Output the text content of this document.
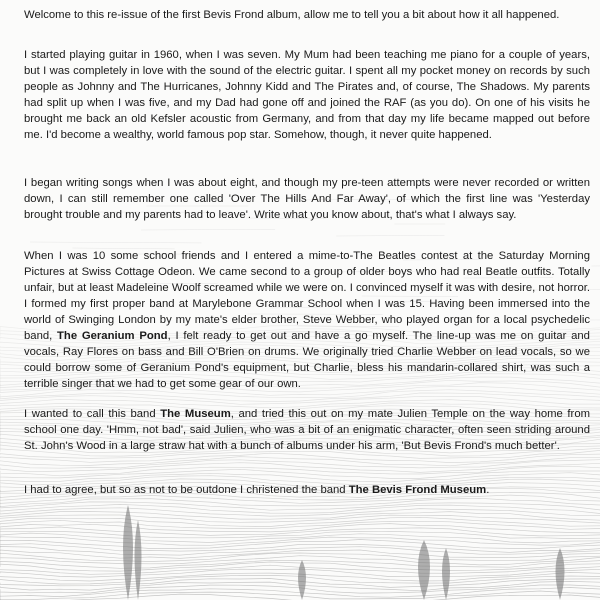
Welcome to this re-issue of the first Bevis Frond album, allow me to tell you a bit about how it all happened.

I started playing guitar in 1960, when I was seven. My Mum had been teaching me piano for a couple of years, but I was completely in love with the sound of the electric guitar. I spent all my pocket money on records by such people as Johnny and The Hurricanes, Johnny Kidd and The Pirates and, of course, The Shadows. My parents had split up when I was five, and my Dad had gone off and joined the RAF (as you do). On one of his visits he brought me back an old Kefsler acoustic from Germany, and from that day my life became mapped out before me. I'd become a wealthy, world famous pop star. Somehow, though, it never quite happened.

I began writing songs when I was about eight, and though my pre-teen attempts were never recorded or written down, I can still remember one called 'Over The Hills And Far Away', of which the first line was 'Yesterday brought trouble and my parents had to leave'. Write what you know about, that's what I always say.

When I was 10 some school friends and I entered a mime-to-The Beatles contest at the Saturday Morning Pictures at Swiss Cottage Odeon. We came second to a group of older boys who had real Beatle outfits. Totally unfair, but at least Madeleine Woolf screamed while we were on. I convinced myself it was with desire, not horror. I formed my first proper band at Marylebone Grammar School when I was 15. Having been immersed into the world of Swinging London by my mate's elder brother, Steve Webber, who played organ for a local psychedelic band, The Geranium Pond, I felt ready to get out and have a go myself. The line-up was me on guitar and vocals, Ray Flores on bass and Bill O'Brien on drums. We originally tried Charlie Webber on lead vocals, so we could borrow some of Geranium Pond's equipment, but Charlie, bless his mandarin-collared shirt, was such a terrible singer that we had to get some gear of our own.

I wanted to call this band The Museum, and tried this out on my mate Julien Temple on the way home from school one day. 'Hmm, not bad', said Julien, who was a bit of an enigmatic character, often seen striding around St. John's Wood in a large straw hat with a bunch of albums under his arm, 'But Bevis Frond's much better'.

I had to agree, but so as not to be outdone I christened the band The Bevis Frond Museum.
